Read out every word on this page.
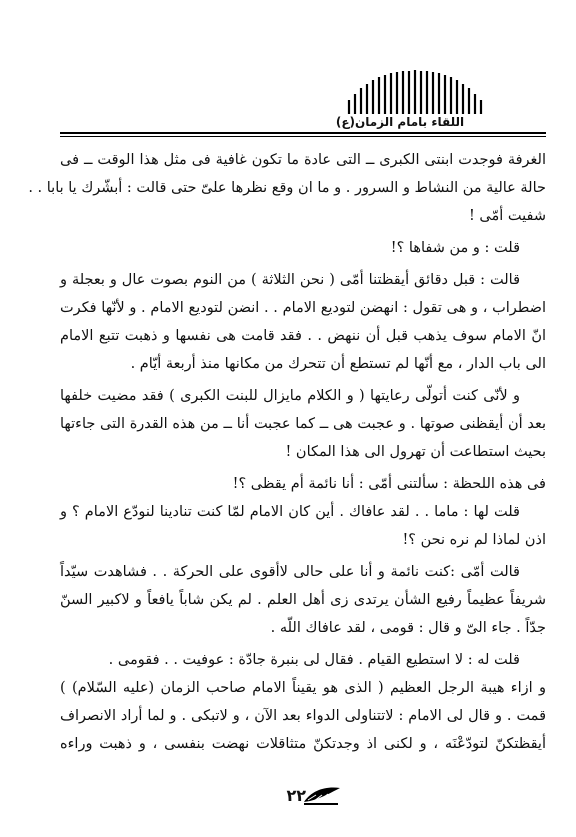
اللقاء بامام الزمان(ع)
الغرفة فوجدت ابنتى الكبرى ــ التى عادة ما تكون غافية فى مثل هذا الوقت ــ فى
حالة عالية من النشاط و السرور . و ما ان وقع نظرها علىّ حتى قالت : أبشّرك يا بابا . .
شفيت أمّى !
قلت : و من شفاها ؟!
قالت : قبل دقائق أيقظتنا أمّى ( نحن الثلاثة ) من النوم بصوت عال و بعجلة و
اضطراب ، و هى تقول : انهضن لتوديع الامام . . انضن لتوديع الامام . و لأنّها فكرت
انّ الامام سوف يذهب قبل أن ننهض . . فقد قامت هى نفسها و ذهبت تتبع الامام
الى باب الدار ، مع أنّها لم تستطع أن تتحرك من مكانها منذ أربعة أيّام .
و لأنّى كنت أتولّى رعايتها ( و الكلام مايزال للبنت الكبرى ) فقد مضيت خلفها
بعد أن أيقظنى صوتها . و عجبت هى ــ كما عجبت أنا ــ من هذه القدرة التى جاءتها
بحيث استطاعت أن تهرول الى هذا المكان !
فى هذه اللحظة : سألتنى أمّى : أنا نائمة أم يقظى ؟!
قلت لها : ماما . . لقد عافاك . أين كان الامام لمّا كنت تنادينا لنودّع الامام ؟ و
اذن لماذا لم نره نحن ؟!
قالت أمّى :كنت نائمة و أنا على حالى لاأقوى على الحركة . . فشاهدت سيّداً
شريفاً عظيماً رفيع الشأن يرتدى زى أهل العلم . لم يكن شاباً يافعاً و لاكبير السنّ
جدّاً . جاء الىّ و قال : قومى ، لقد عافاك اللّه .
قلت له : لا استطيع القيام . فقال لى بنبرة جادّة : عوفيت . . فقومى .
و ازاء هيبة الرجل العظيم ( الذى هو يقيناً الامام صاحب الزمان (عليه السّلام) )
قمت . و قال لى الامام : لاتتناولى الدواء بعد الآن ، و لاتبكى . و لما أراد الانصراف
أيقظتكنّ لتودّعْنَه ، و لكنى اذ وجدتكنّ متثاقلات نهضت بنفسى ، و ذهبت وراءه
٢٢
